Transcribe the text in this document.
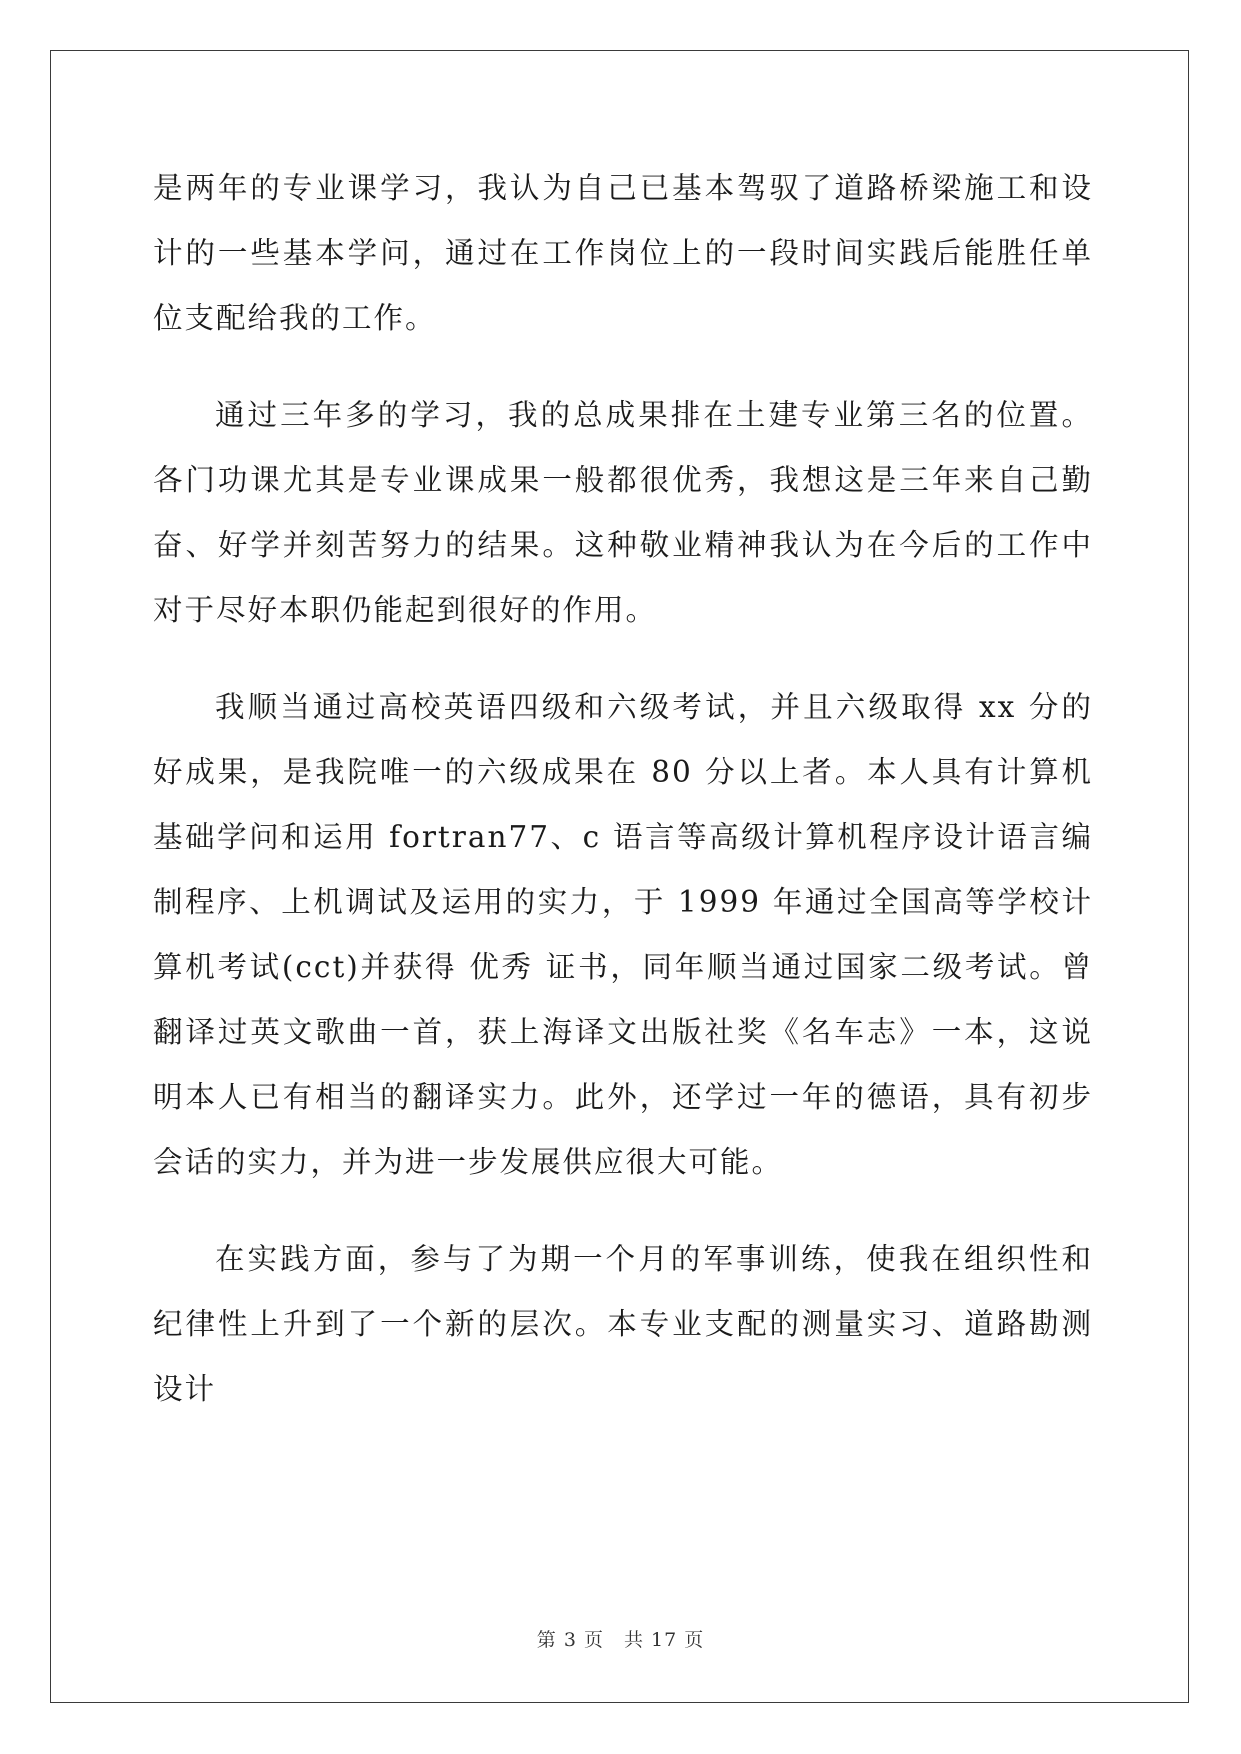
是两年的专业课学习，我认为自己已基本驾驭了道路桥梁施工和设计的一些基本学问，通过在工作岗位上的一段时间实践后能胜任单位支配给我的工作。

通过三年多的学习，我的总成果排在土建专业第三名的位置。各门功课尤其是专业课成果一般都很优秀，我想这是三年来自己勤奋、好学并刻苦努力的结果。这种敬业精神我认为在今后的工作中对于尽好本职仍能起到很好的作用。

我顺当通过高校英语四级和六级考试，并且六级取得 xx 分的好成果，是我院唯一的六级成果在 80 分以上者。本人具有计算机基础学问和运用 fortran77、c 语言等高级计算机程序设计语言编制程序、上机调试及运用的实力，于 1999 年通过全国高等学校计算机考试(cct)并获得 优秀 证书，同年顺当通过国家二级考试。曾翻译过英文歌曲一首，获上海译文出版社奖《名车志》一本，这说明本人已有相当的翻译实力。此外，还学过一年的德语，具有初步会话的实力，并为进一步发展供应很大可能。

在实践方面，参与了为期一个月的军事训练，使我在组织性和纪律性上升到了一个新的层次。本专业支配的测量实习、道路勘测设计

第 3 页　共 17 页
